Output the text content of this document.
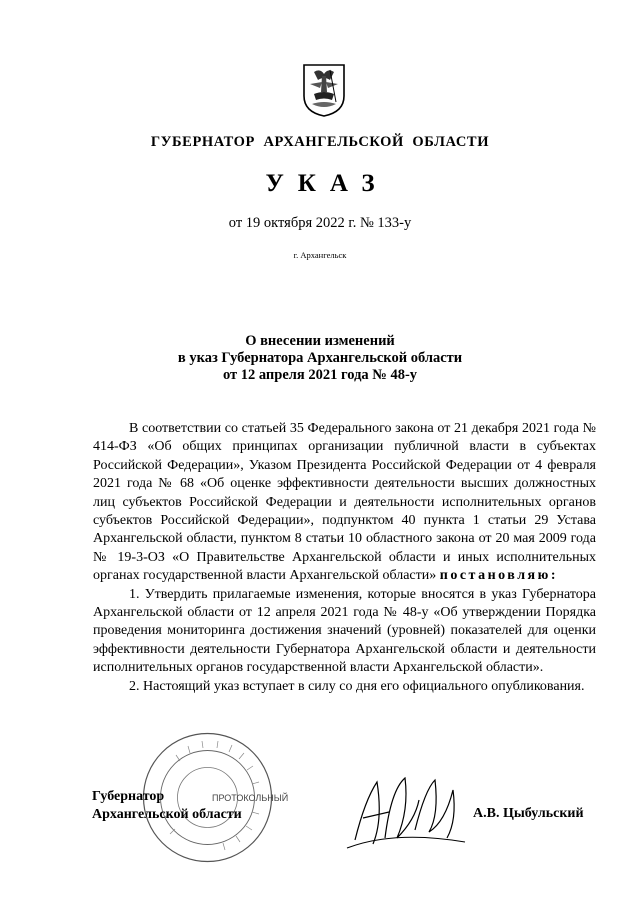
ГУБЕРНАТОР  АРХАНГЕЛЬСКОЙ  ОБЛАСТИ
УКАЗ
от 19 октября 2022 г. № 133-у
г. Архангельск
О внесении изменений
в указ Губернатора Архангельской области
от 12 апреля 2021 года № 48-у

В соответствии со статьей 35 Федерального закона от 21 декабря 2021 года № 414-ФЗ «Об общих принципах организации публичной власти в субъектах Российской Федерации», Указом Президента Российской Федерации от 4 февраля 2021 года № 68 «Об оценке эффективности деятельности высших должностных лиц субъектов Российской Федерации и деятельности исполнительных органов субъектов Российской Федерации», подпунктом 40 пункта 1 статьи 29 Устава Архангельской области, пунктом 8 статьи 10 областного закона от 20 мая 2009 года № 19-3-ОЗ «О Правительстве Архангельской области и иных исполнительных органах государственной власти Архангельской области» постановляю:

1. Утвердить прилагаемые изменения, которые вносятся в указ Губернатора Архангельской области от 12 апреля 2021 года № 48-у «Об утверждении Порядка проведения мониторинга достижения значений (уровней) показателей для оценки эффективности деятельности Губернатора Архангельской области и деятельности исполнительных органов государственной власти Архангельской области».

2. Настоящий указ вступает в силу со дня его официального опубликования.

ПРОТОКОЛЬНЫЙ
Губернатор
Архангельской области	А.В. Цыбульский
